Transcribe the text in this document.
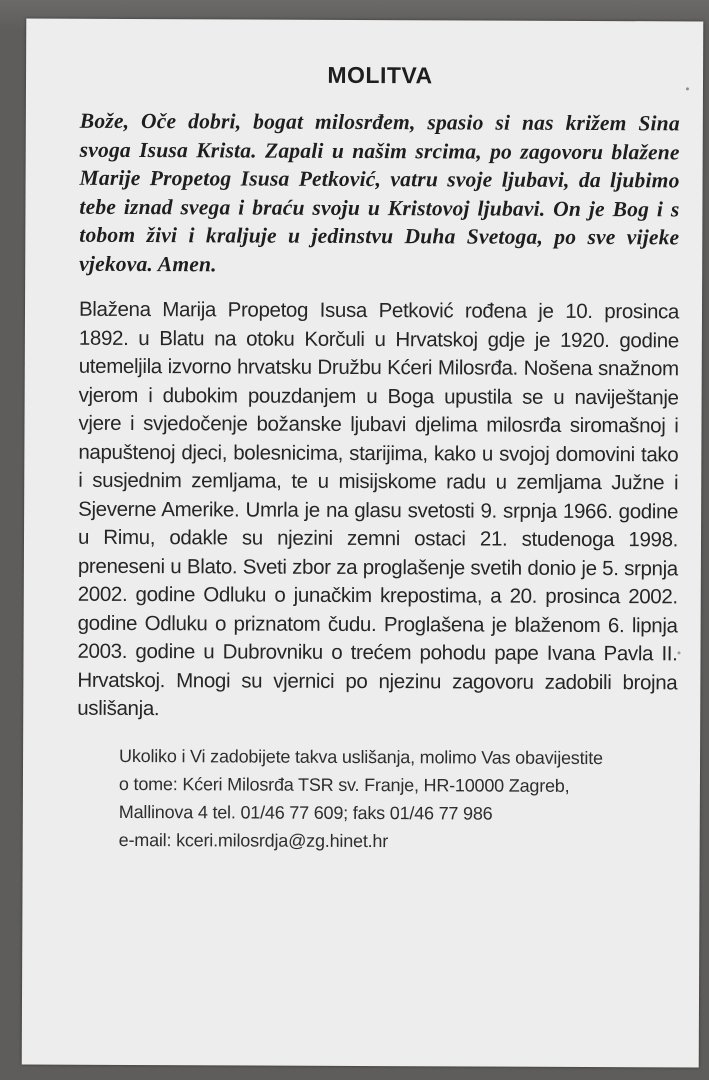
MOLITVA

Bože, Oče dobri, bogat milosrđem, spasio si nas križem Sina svoga Isusa Krista. Zapali u našim srcima, po zagovoru blažene Marije Propetog Isusa Petković, vatru svoje ljubavi, da ljubimo tebe iznad svega i braću svoju u Kristovoj ljubavi. On je Bog i s tobom živi i kraljuje u jedinstvu Duha Svetoga, po sve vijeke vjekova. Amen.

Blažena Marija Propetog Isusa Petković rođena je 10. prosinca 1892. u Blatu na otoku Korčuli u Hrvatskoj gdje je 1920. godine utemeljila izvorno hrvatsku Družbu Kćeri Milosrđa. Nošena snažnom vjerom i dubokim pouzdanjem u Boga upustila se u naviještanje vjere i svjedočenje božanske ljubavi djelima milosrđa siromašnoj i napuštenoj djeci, bolesnicima, starijima, kako u svojoj domovini tako i susjednim zemljama, te u misijskome radu u zemljama Južne i Sjeverne Amerike. Umrla je na glasu svetosti 9. srpnja 1966. godine u Rimu, odakle su njezini zemni ostaci 21. studenoga 1998. preneseni u Blato. Sveti zbor za proglašenje svetih donio je 5. srpnja 2002. godine Odluku o junačkim krepostima, a 20. prosinca 2002. godine Odluku o priznatom čudu. Proglašena je blaženom 6. lipnja 2003. godine u Dubrovniku o trećem pohodu pape Ivana Pavla II. Hrvatskoj. Mnogi su vjernici po njezinu zagovoru zadobili brojna uslišanja.

Ukoliko i Vi zadobijete takva uslišanja, molimo Vas obavijestite
o tome: Kćeri Milosrđa TSR sv. Franje, HR-10000 Zagreb,
Mallinova 4 tel. 01/46 77 609; faks 01/46 77 986
e-mail: kceri.milosrdja@zg.hinet.hr
